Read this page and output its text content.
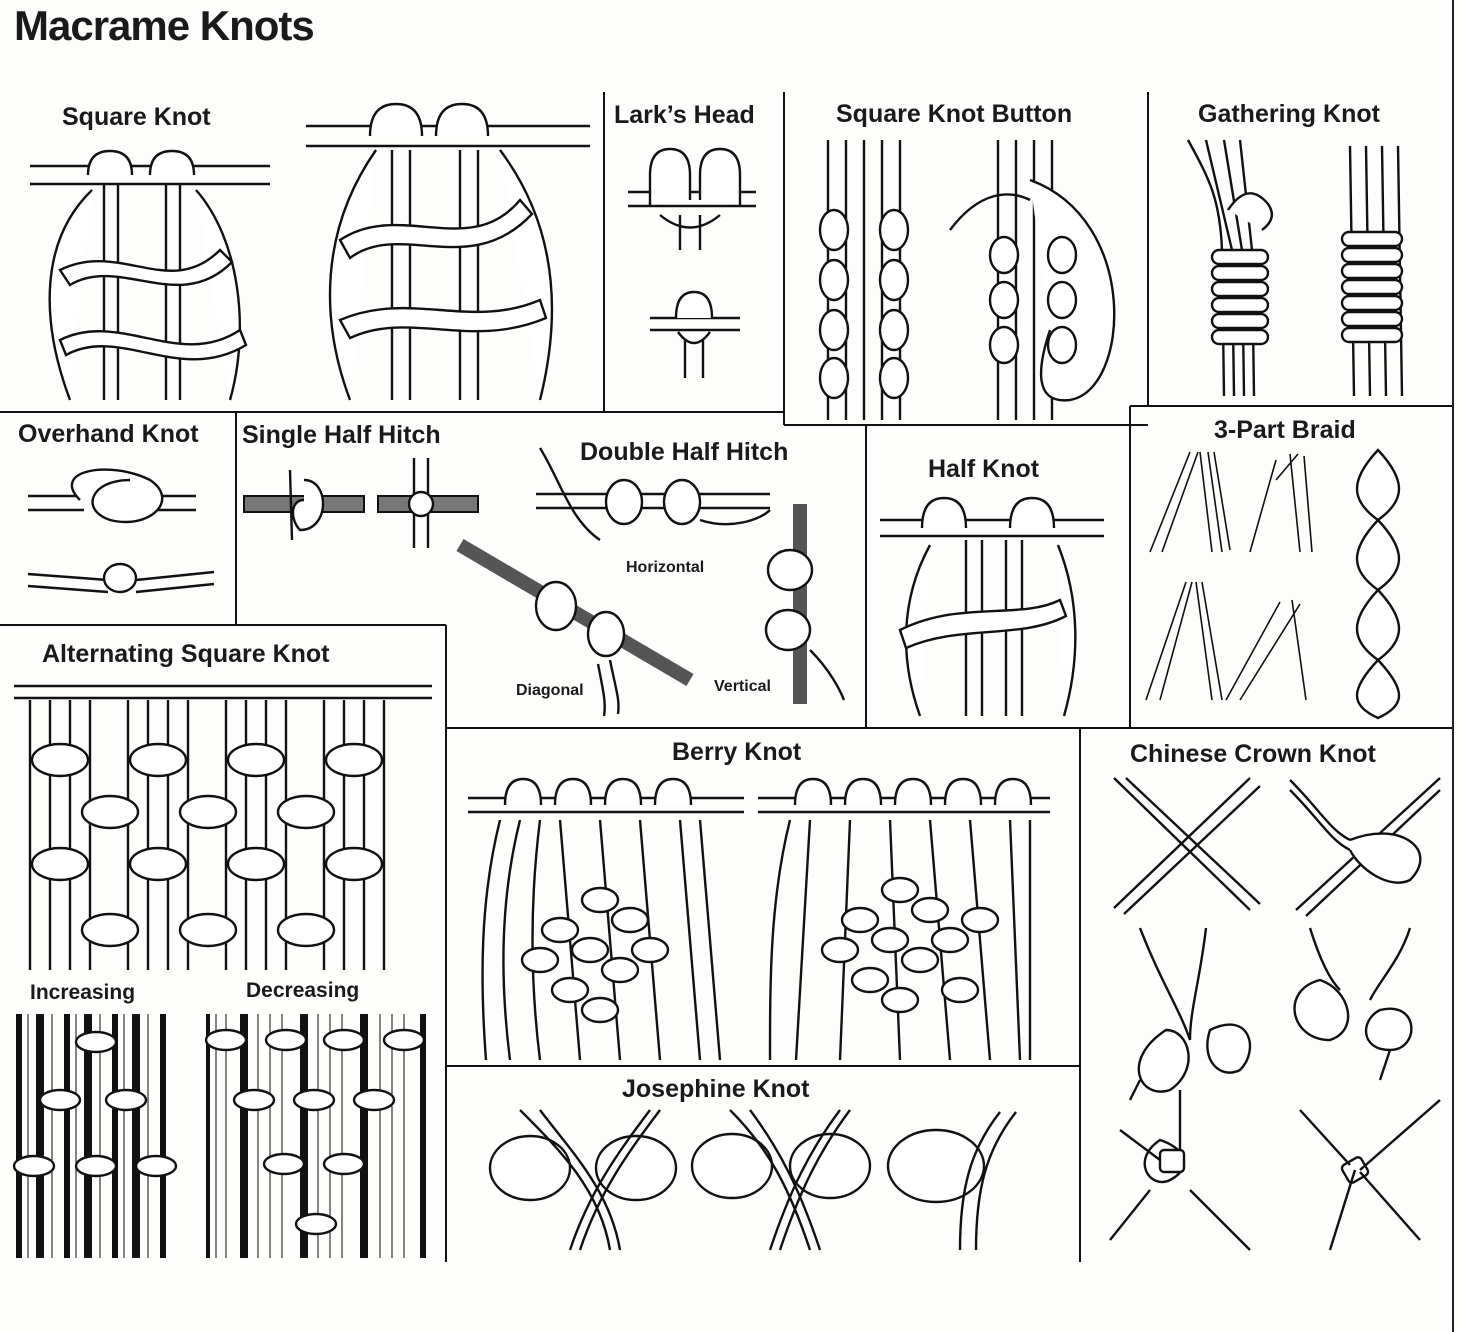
Macrame Knots
Square Knot	Lark’s Head	Square Knot Button	Gathering Knot
Overhand Knot Single Half Hitch
Double Half Hitch
Horizontal
Diagonal	Vertical
Half Knot
3-Part Braid
Alternating Square Knot
Increasing	Decreasing
Berry Knot
Josephine Knot
Chinese Crown Knot
